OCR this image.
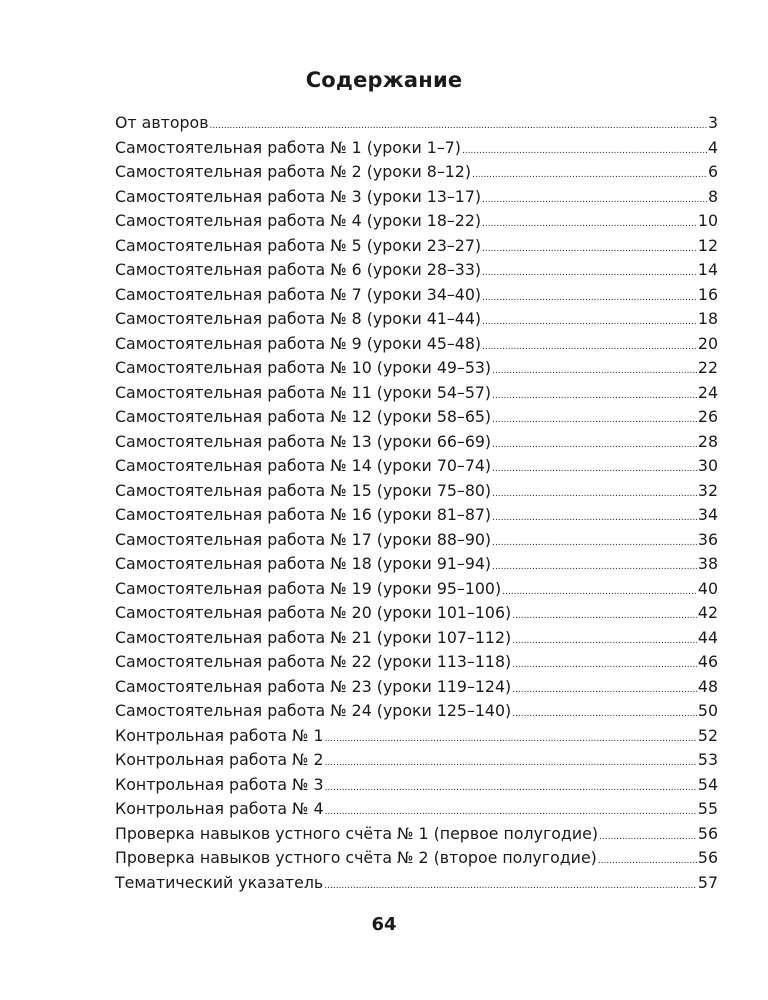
Содержание
От авторов .....	3
Самостоятельная работа № 1 (уроки 1–7) .....	4
Самостоятельная работа № 2 (уроки 8–12) .....	6
Самостоятельная работа № 3 (уроки 13–17) .....	8
Самостоятельная работа № 4 (уроки 18–22) .....	10
Самостоятельная работа № 5 (уроки 23–27) .....	12
Самостоятельная работа № 6 (уроки 28–33) .....	14
Самостоятельная работа № 7 (уроки 34–40) .....	16
Самостоятельная работа № 8 (уроки 41–44) .....	18
Самостоятельная работа № 9 (уроки 45–48) .....	20
Самостоятельная работа № 10 (уроки 49–53) .....	22
Самостоятельная работа № 11 (уроки 54–57) .....	24
Самостоятельная работа № 12 (уроки 58–65) .....	26
Самостоятельная работа № 13 (уроки 66–69) .....	28
Самостоятельная работа № 14 (уроки 70–74) .....	30
Самостоятельная работа № 15 (уроки 75–80) .....	32
Самостоятельная работа № 16 (уроки 81–87) .....	34
Самостоятельная работа № 17 (уроки 88–90) .....	36
Самостоятельная работа № 18 (уроки 91–94) .....	38
Самостоятельная работа № 19 (уроки 95–100) .....	40
Самостоятельная работа № 20 (уроки 101–106) .....	42
Самостоятельная работа № 21 (уроки 107–112) .....	44
Самостоятельная работа № 22 (уроки 113–118) .....	46
Самостоятельная работа № 23 (уроки 119–124) .....	48
Самостоятельная работа № 24 (уроки 125–140) .....	50
Контрольная работа № 1 .....	52
Контрольная работа № 2 .....	53
Контрольная работа № 3 .....	54
Контрольная работа № 4 .....	55
Проверка навыков устного счёта № 1 (первое полугодие) .....	56
Проверка навыков устного счёта № 2 (второе полугодие) .....	56
Тематический указатель .....	57
64
